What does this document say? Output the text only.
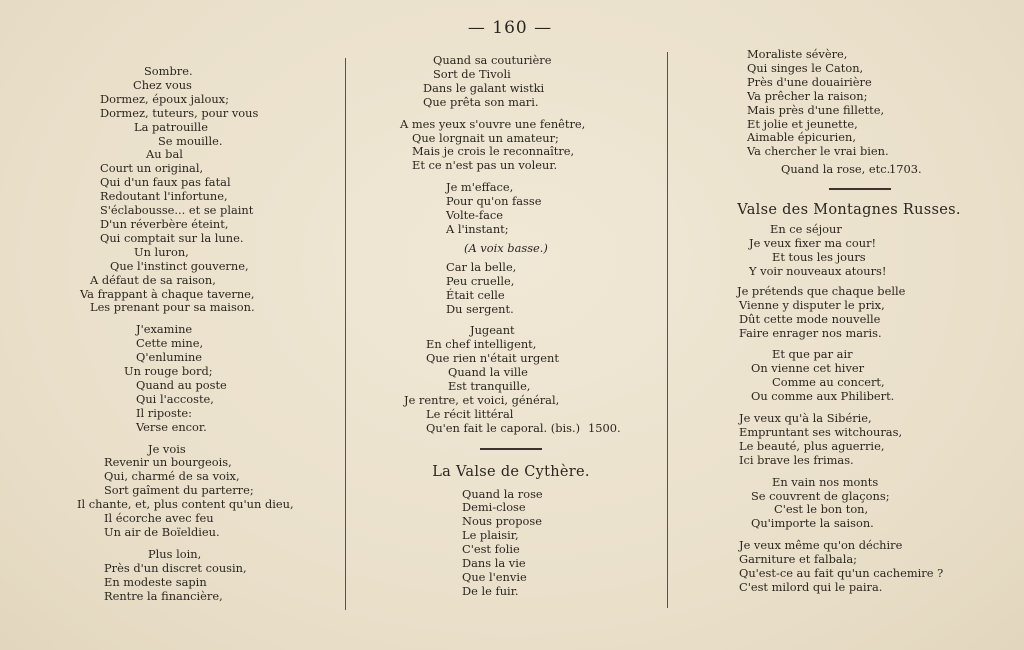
— 160 —
Sombre.
Chez vous
Dormez, époux jaloux;
Dormez, tuteurs, pour vous
La patrouille
Se mouille.
Au bal
Court un original,
Qui d'un faux pas fatal
Redoutant l'infortune,
S'éclabousse... et se plaint
D'un réverbère éteint,
Qui comptait sur la lune.
Un luron,
Que l'instinct gouverne,
A défaut de sa raison,
Va frappant à chaque taverne,
Les prenant pour sa maison.
J'examine
Cette mine,
Q'enlumine
Un rouge bord;
Quand au poste
Qui l'accoste,
Il riposte:
Verse encor.
Je vois
Revenir un bourgeois,
Qui, charmé de sa voix,
Sort gaîment du parterre;
Il chante, et, plus content qu'un dieu,
Il écorche avec feu
Un air de Boïeldieu.
Plus loin,
Près d'un discret cousin,
En modeste sapin
Rentre la financière,
Quand sa couturière
Sort de Tivoli
Dans le galant wistki
Que prêta son mari.
A mes yeux s'ouvre une fenêtre,
Que lorgnait un amateur;
Mais je crois le reconnaître,
Et ce n'est pas un voleur.
Je m'efface,
Pour qu'on fasse
Volte-face
A l'instant;
(A voix basse.)
Car la belle,
Peu cruelle,
Était celle
Du sergent.
Jugeant
En chef intelligent,
Que rien n'était urgent
Quand la ville
Est tranquille,
Je rentre, et voici, général,
Le récit littéral
Qu'en fait le caporal. (bis.) 1500.
La Valse de Cythère.
Quand la rose
Demi-close
Nous propose
Le plaisir,
C'est folie
Dans la vie
Que l'envie
De le fuir.
Moraliste sévère,
Qui singes le Caton,
Près d'une douairière
Va prêcher la raison;
Mais près d'une fillette,
Et jolie et jeunette,
Aimable épicurien,
Va chercher le vrai bien.
Quand la rose, etc.
1703.
Valse des Montagnes Russes.
En ce séjour
Je veux fixer ma cour!
Et tous les jours
Y voir nouveaux atours!
Je prétends que chaque belle
Vienne y disputer le prix,
Dût cette mode nouvelle
Faire enrager nos maris.
Et que par air
On vienne cet hiver
Comme au concert,
Ou comme aux Philibert.
Je veux qu'à la Sibérie,
Empruntant ses witchouras,
Le beauté, plus aguerrie,
Ici brave les frimas.
En vain nos monts
Se couvrent de glaçons;
C'est le bon ton,
Qu'importe la saison.
Je veux même qu'on déchire
Garniture et falbala;
Qu'est-ce au fait qu'un cachemire ?
C'est milord qui le paira.
